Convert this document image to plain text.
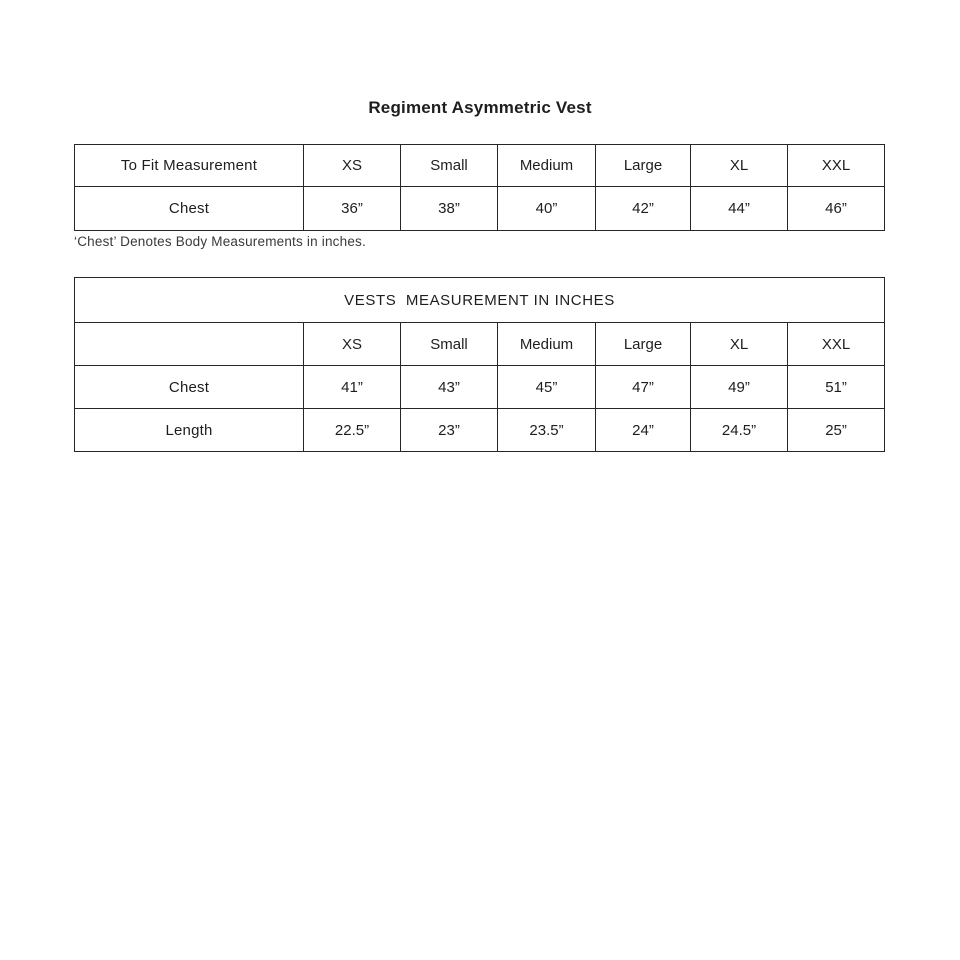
Regiment Asymmetric Vest
To Fit Measurement	XS	Small	Medium	Large	XL	XXL
Chest	36”	38”	40”	42”	44”	46”
‘Chest’ Denotes Body Measurements in inches.
VESTS  MEASUREMENT IN INCHES						
	XS	Small	Medium	Large	XL	XXL
Chest	41”	43”	45”	47”	49”	51”
Length	22.5”	23”	23.5”	24”	24.5”	25”
